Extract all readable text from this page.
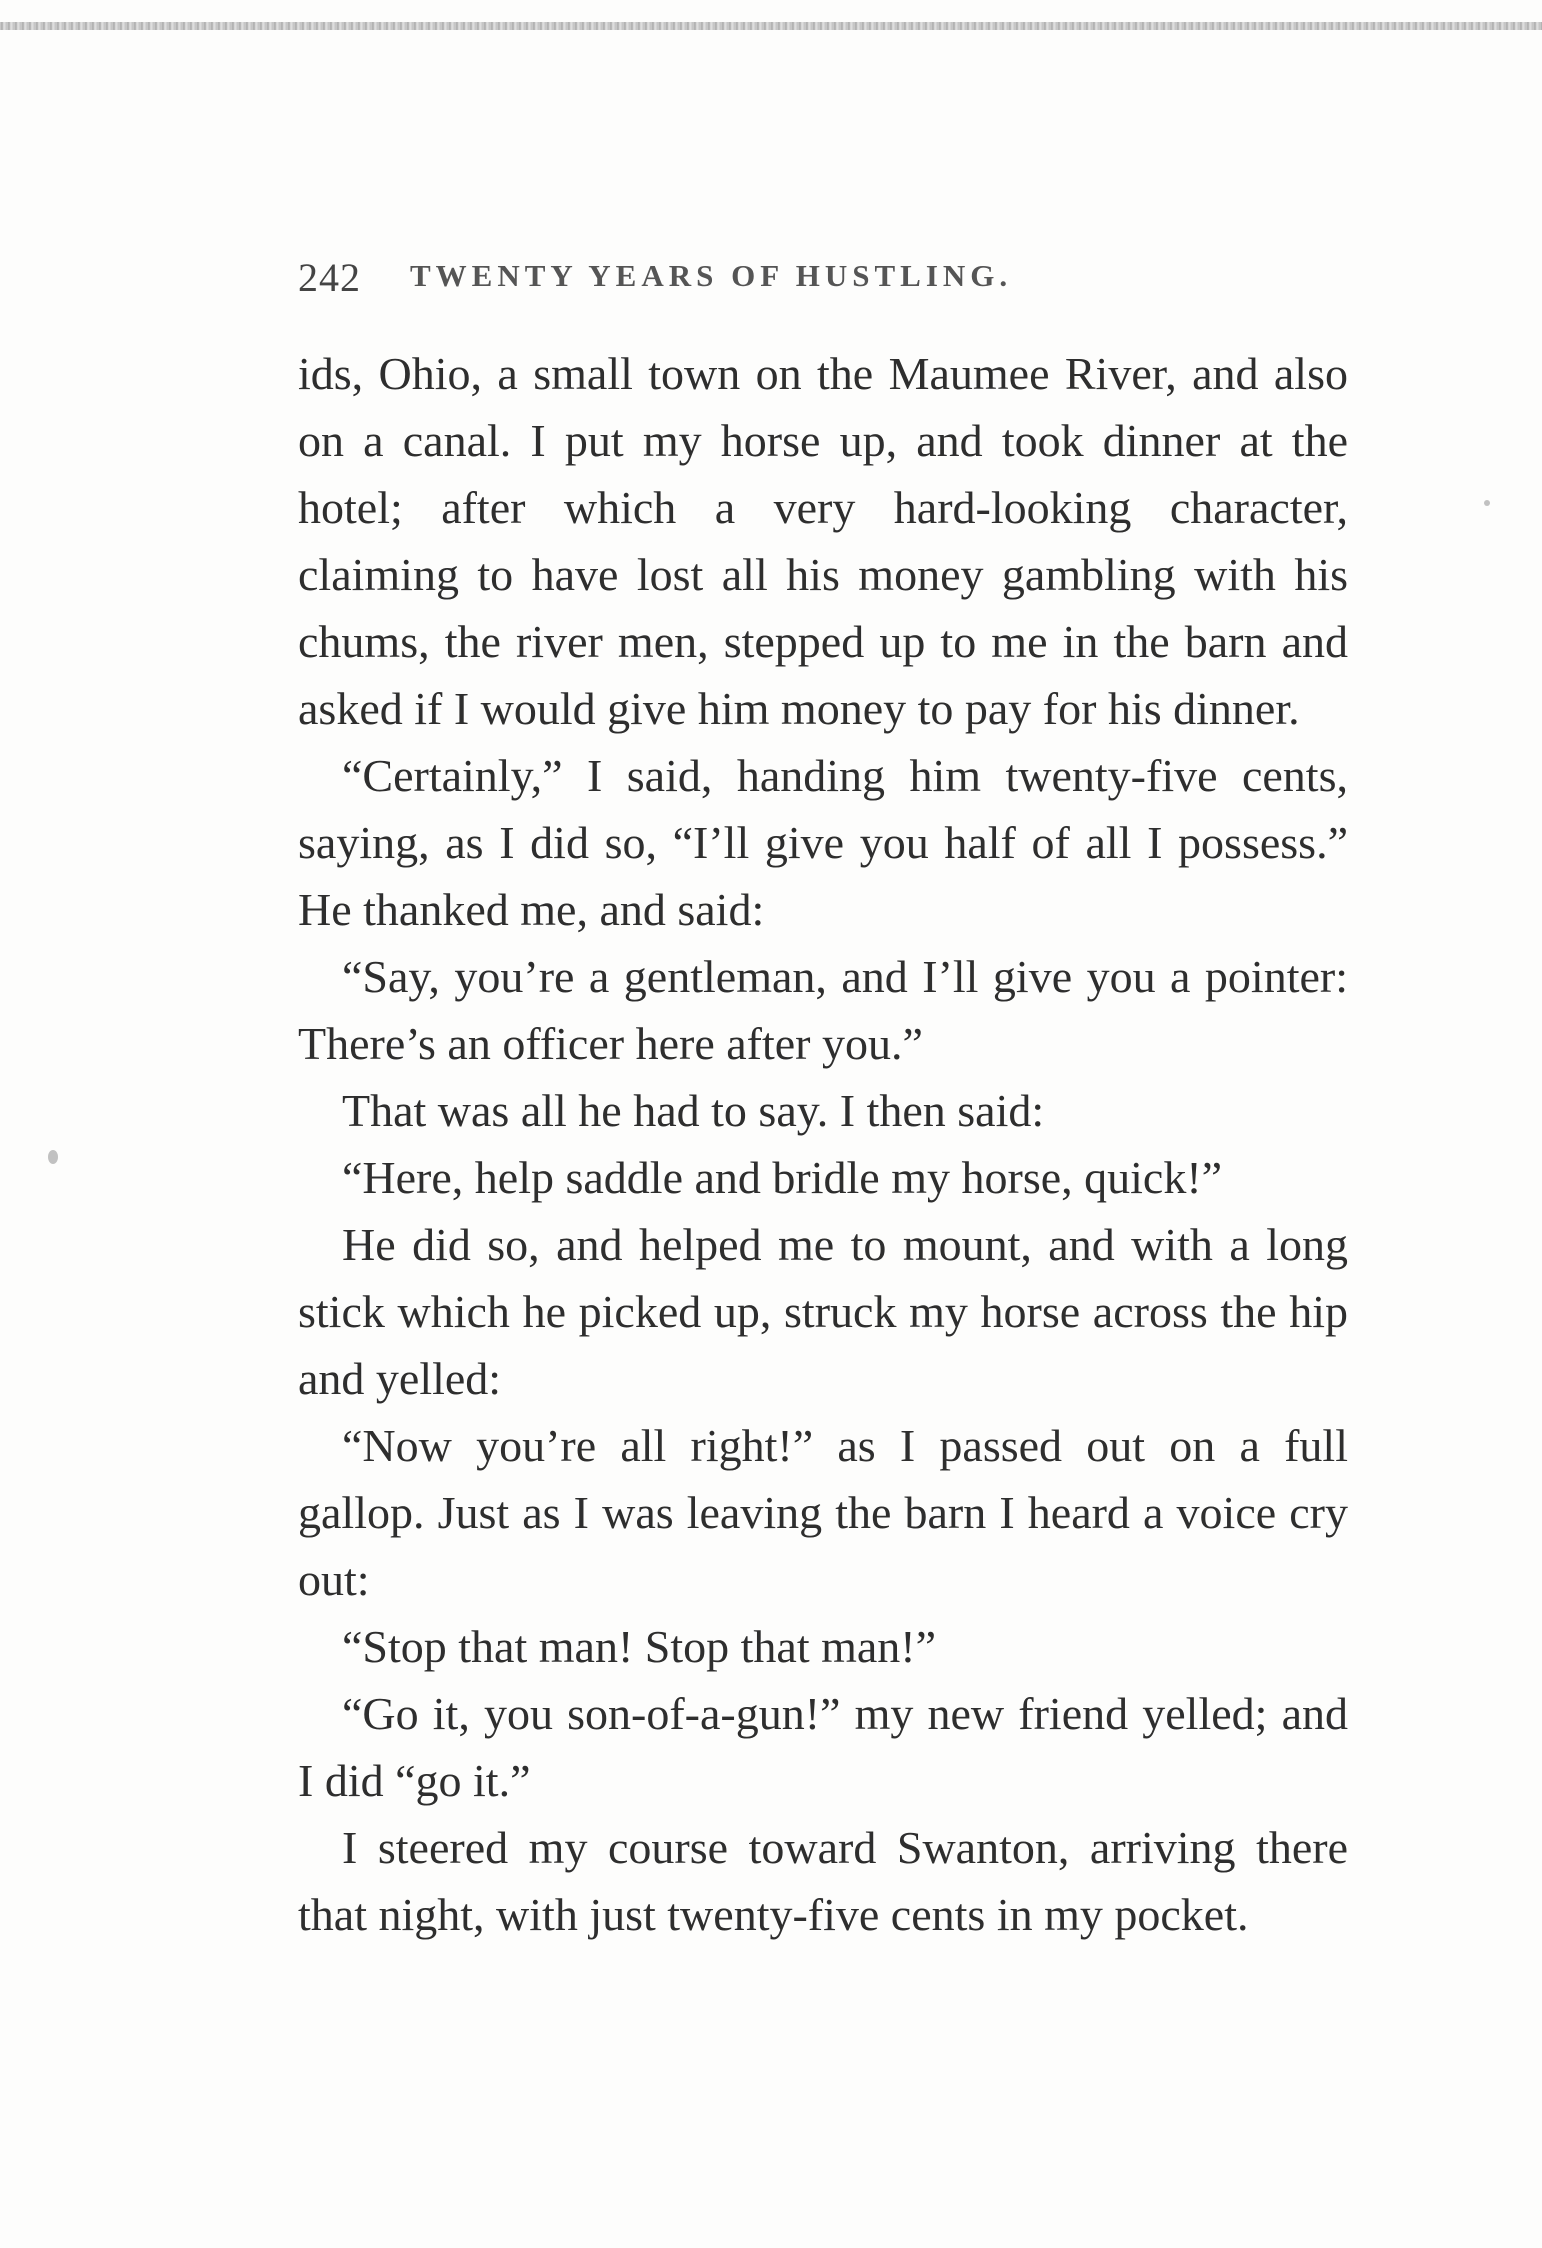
242 TWENTY YEARS OF HUSTLING.

ids, Ohio, a small town on the Maumee River, and also on a canal. I put my horse up, and took dinner at the hotel; after which a very hard-looking character, claiming to have lost all his money gambling with his chums, the river men, stepped up to me in the barn and asked if I would give him money to pay for his dinner.

“Certainly,” I said, handing him twenty-five cents, saying, as I did so, “I’ll give you half of all I possess.” He thanked me, and said:

“Say, you’re a gentleman, and I’ll give you a pointer: There’s an officer here after you.”

That was all he had to say. I then said:

“Here, help saddle and bridle my horse, quick!”

He did so, and helped me to mount, and with a long stick which he picked up, struck my horse across the hip and yelled:

“Now you’re all right!” as I passed out on a full gallop. Just as I was leaving the barn I heard a voice cry out:

“Stop that man! Stop that man!”

“Go it, you son-of-a-gun!” my new friend yelled; and I did “go it.”

I steered my course toward Swanton, arriving there that night, with just twenty-five cents in my pocket.
